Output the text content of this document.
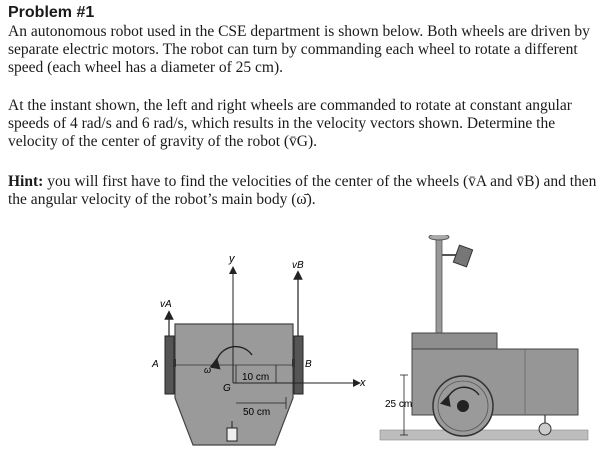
Problem #1

An autonomous robot used in the CSE department is shown below. Both wheels are driven by separate electric motors. The robot can turn by commanding each wheel to rotate a different speed (each wheel has a diameter of 25 cm).

At the instant shown, the left and right wheels are commanded to rotate at constant angular speeds of 4 rad/s and 6 rad/s, which results in the velocity vectors shown. Determine the velocity of the center of gravity of the robot (v̄G).

Hint: you will first have to find the velocities of the center of the wheels (v̄A and v̄B) and then the angular velocity of the robot’s main body (ω̄).

y
x
vA
vB
A	B
G
ω
10 cm
50 cm
25 cm
